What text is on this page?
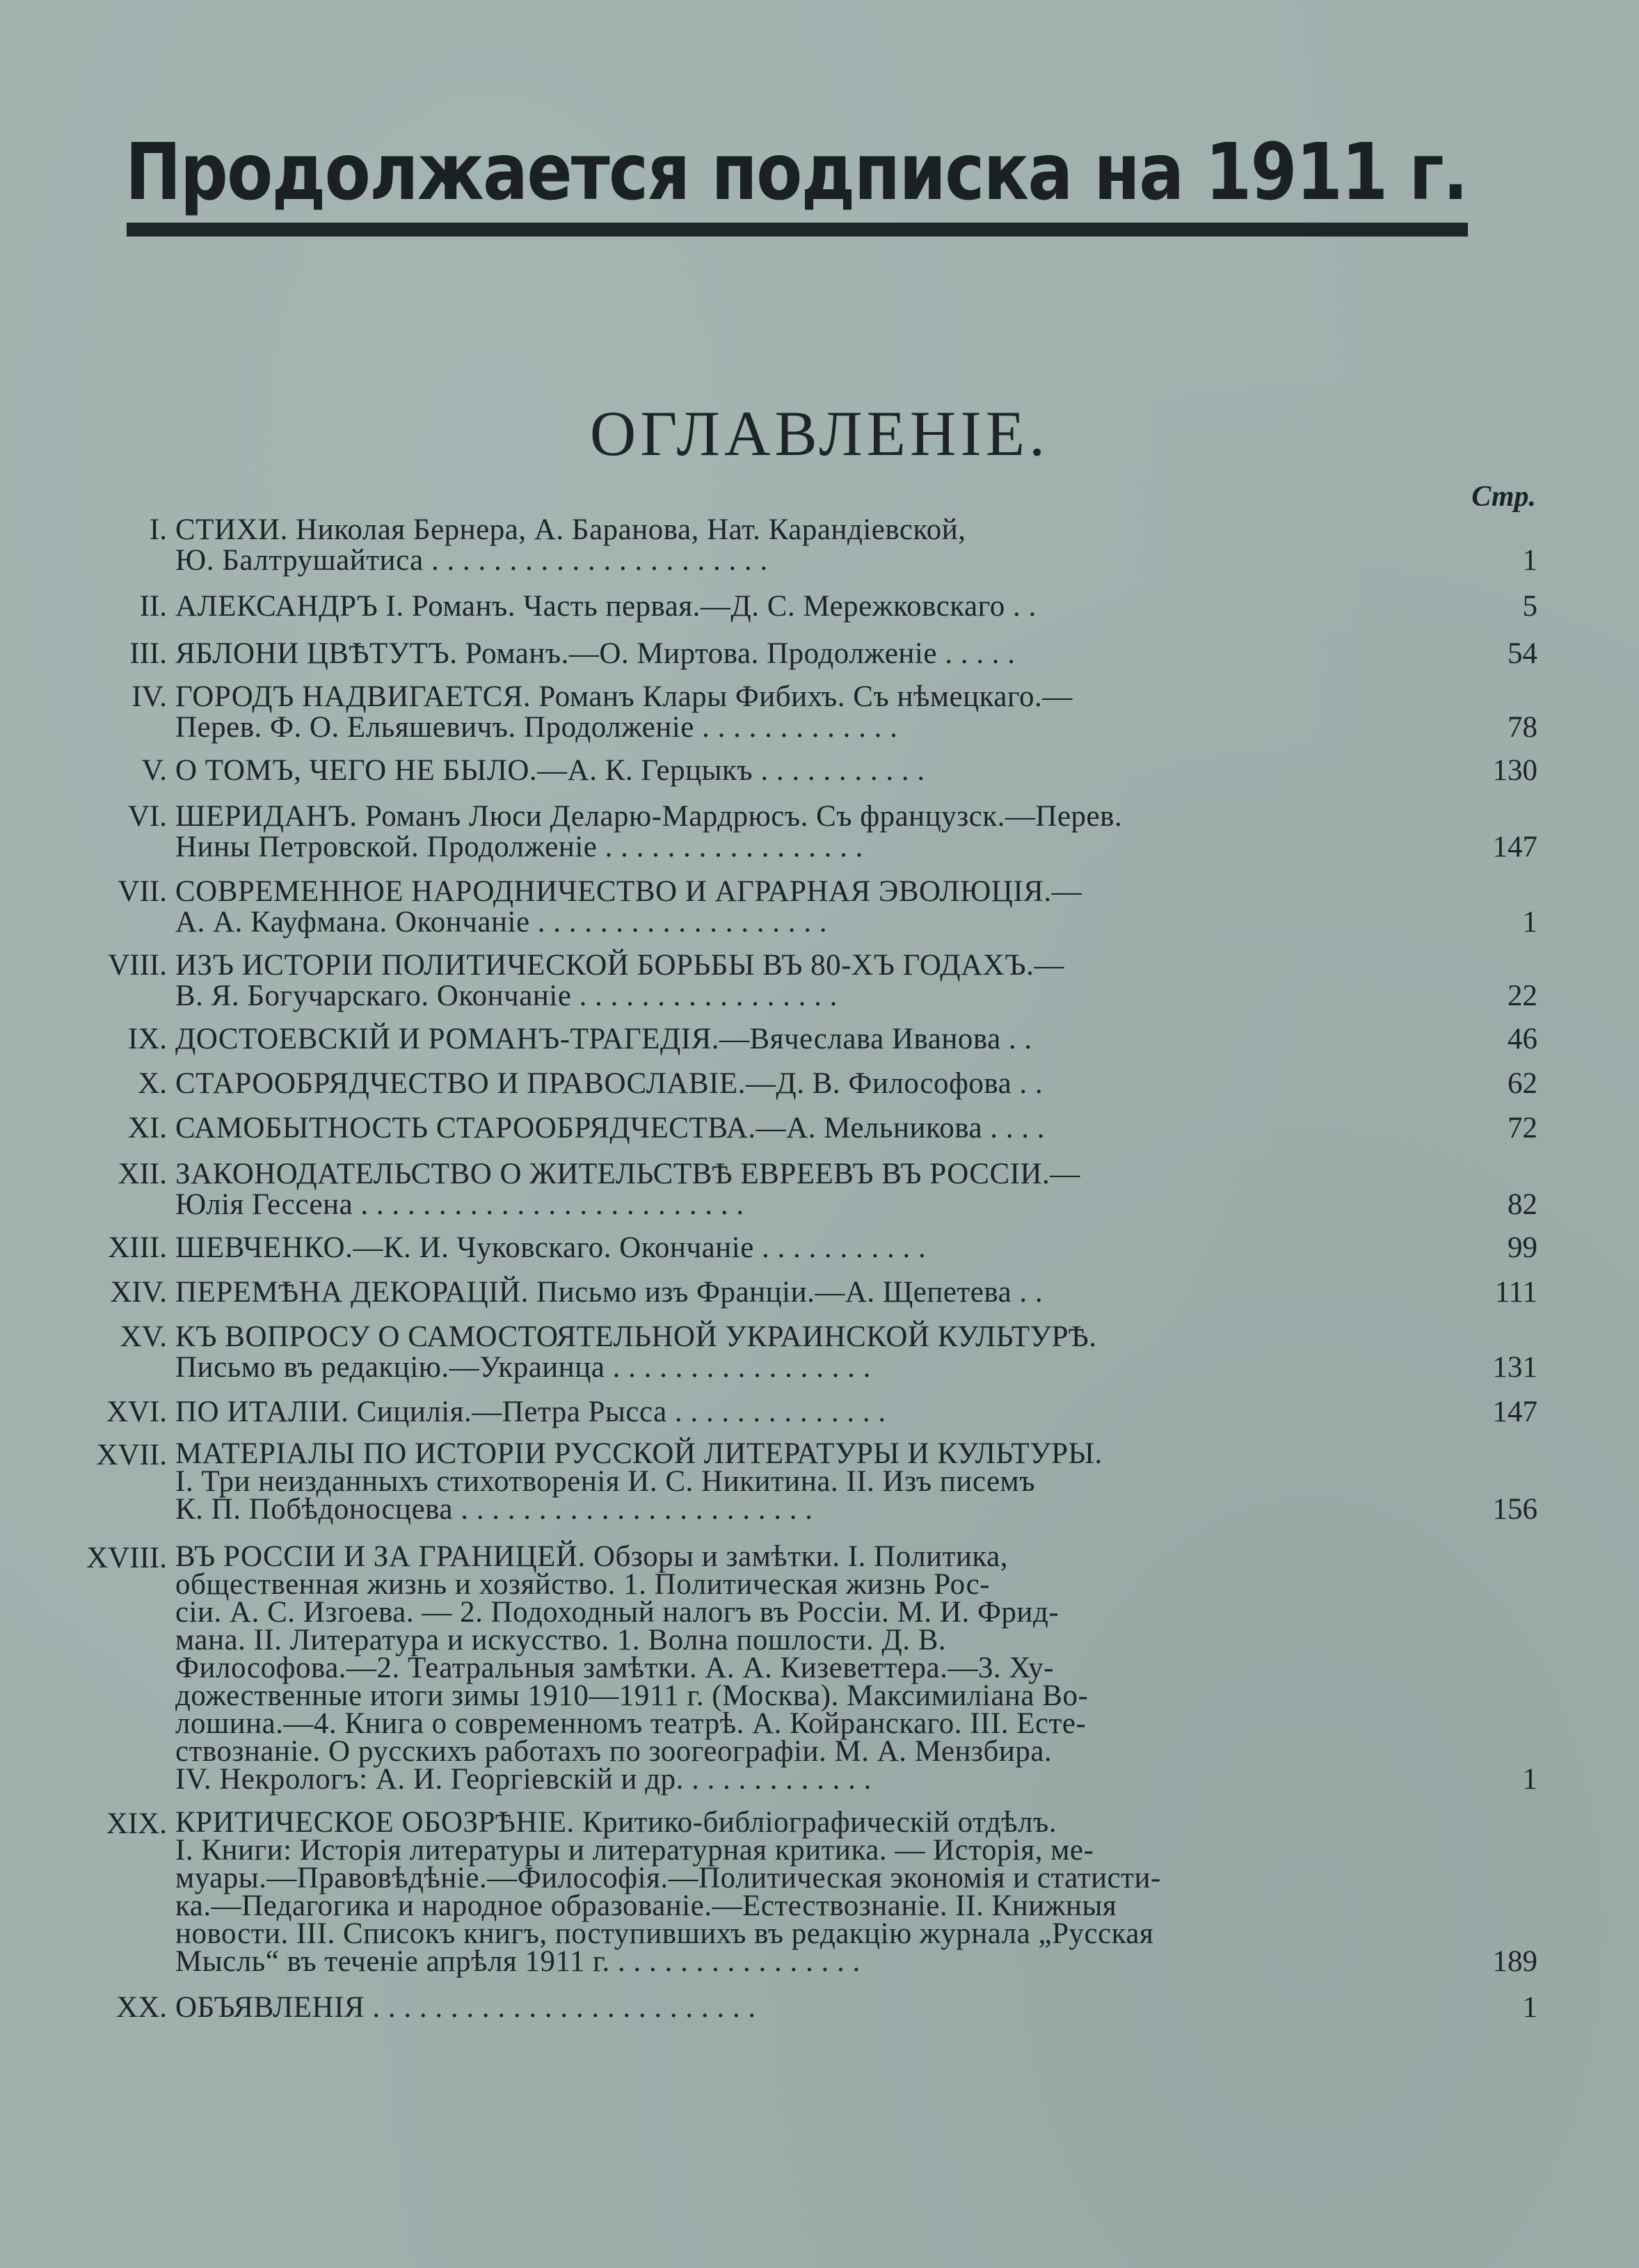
Продолжается подписка на 1911 г.
ОГЛАВЛЕНІЕ.
Стр.
I. СТИХИ. Николая Бернера, А. Баранова, Нат. Карандіевской,
Ю. Балтрушайтиса . . . . . . . . . . . . . . . . . . . . . .	1
II. АЛЕКСАНДРЪ I. Романъ. Часть первая.—Д. С. Мережковскаго . .	5
III. ЯБЛОНИ ЦВѢТУТЪ. Романъ.—О. Миртова. Продолженіе . . . . .	54
IV. ГОРОДЪ НАДВИГАЕТСЯ. Романъ Клары Фибихъ. Съ нѣмецкаго.—
Перев. Ф. О. Ельяшевичъ. Продолженіе . . . . . . . . . . . . .	78
V. О ТОМЪ, ЧЕГО НЕ БЫЛО.—А. К. Герцыкъ . . . . . . . . . . .	130
VI. ШЕРИДАНЪ. Романъ Люси Деларю-Мардрюсъ. Съ французск.—Перев.
Нины Петровской. Продолженіе . . . . . . . . . . . . . . . . .	147
VII. СОВРЕМЕННОЕ НАРОДНИЧЕСТВО И АГРАРНАЯ ЭВОЛЮЦІЯ.—
А. А. Кауфмана. Окончаніе . . . . . . . . . . . . . . . . . . .	1
VIII. ИЗЪ ИСТОРІИ ПОЛИТИЧЕСКОЙ БОРЬБЫ ВЪ 80-ХЪ ГОДАХЪ.—
В. Я. Богучарскаго. Окончаніе . . . . . . . . . . . . . . . . .	22
IX. ДОСТОЕВСКІЙ И РОМАНЪ-ТРАГЕДІЯ.—Вячеслава Иванова . .	46
X. СТАРООБРЯДЧЕСТВО И ПРАВОСЛАВІЕ.—Д. В. Философова . .	62
XI. САМОБЫТНОСТЬ СТАРООБРЯДЧЕСТВА.—А. Мельникова . . . .	72
XII. ЗАКОНОДАТЕЛЬСТВО О ЖИТЕЛЬСТВѢ ЕВРЕЕВЪ ВЪ РОССІИ.—
Юлія Гессена . . . . . . . . . . . . . . . . . . . . . . . . .	82
XIII. ШЕВЧЕНКО.—К. И. Чуковскаго. Окончаніе . . . . . . . . . . .	99
XIV. ПЕРЕМѢНА ДЕКОРАЦІЙ. Письмо изъ Франціи.—А. Щепетева . .	111
XV. КЪ ВОПРОСУ О САМОСТОЯТЕЛЬНОЙ УКРАИНСКОЙ КУЛЬТУРѢ.
Письмо въ редакцію.—Украинца . . . . . . . . . . . . . . . . .	131
XVI. ПО ИТАЛІИ. Сицилія.—Петра Рысса . . . . . . . . . . . . . .	147
XVII. МАТЕРІАЛЫ ПО ИСТОРІИ РУССКОЙ ЛИТЕРАТУРЫ И КУЛЬТУРЫ.
I. Три неизданныхъ стихотворенія И. С. Никитина. II. Изъ писемъ
К. П. Побѣдоносцева . . . . . . . . . . . . . . . . . . . . . . .	156
XVIII. ВЪ РОССІИ И ЗА ГРАНИЦЕЙ. Обзоры и замѣтки. I. Политика,
общественная жизнь и хозяйство. 1. Политическая жизнь Рос-
сіи. А. С. Изгоева. — 2. Подоходный налогъ въ Россіи. М. И. Фрид-
мана. II. Литература и искусство. 1. Волна пошлости. Д. В.
Философова.—2. Театральныя замѣтки. А. А. Кизеветтера.—3. Ху-
дожественные итоги зимы 1910—1911 г. (Москва). Максимиліана Во-
лошина.—4. Книга о современномъ театрѣ. А. Койранскаго. III. Есте-
ствознаніе. О русскихъ работахъ по зоогеографіи. М. А. Мензбира.
IV. Некрологъ: А. И. Георгіевскій и др. . . . . . . . . . . . .	1
XIX. КРИТИЧЕСКОЕ ОБОЗРѢНІЕ. Критико-библіографическій отдѣлъ.
I. Книги: Исторія литературы и литературная критика. — Исторія, ме-
муары.—Правовѣдѣніе.—Философія.—Политическая экономія и статисти-
ка.—Педагогика и народное образованіе.—Естествознаніе. II. Книжныя
новости. III. Списокъ книгъ, поступившихъ въ редакцію журнала „Русская
Мысль“ въ теченіе апрѣля 1911 г. . . . . . . . . . . . . . . . .	189
XX. ОБЪЯВЛЕНІЯ . . . . . . . . . . . . . . . . . . . . . . . . .	1
